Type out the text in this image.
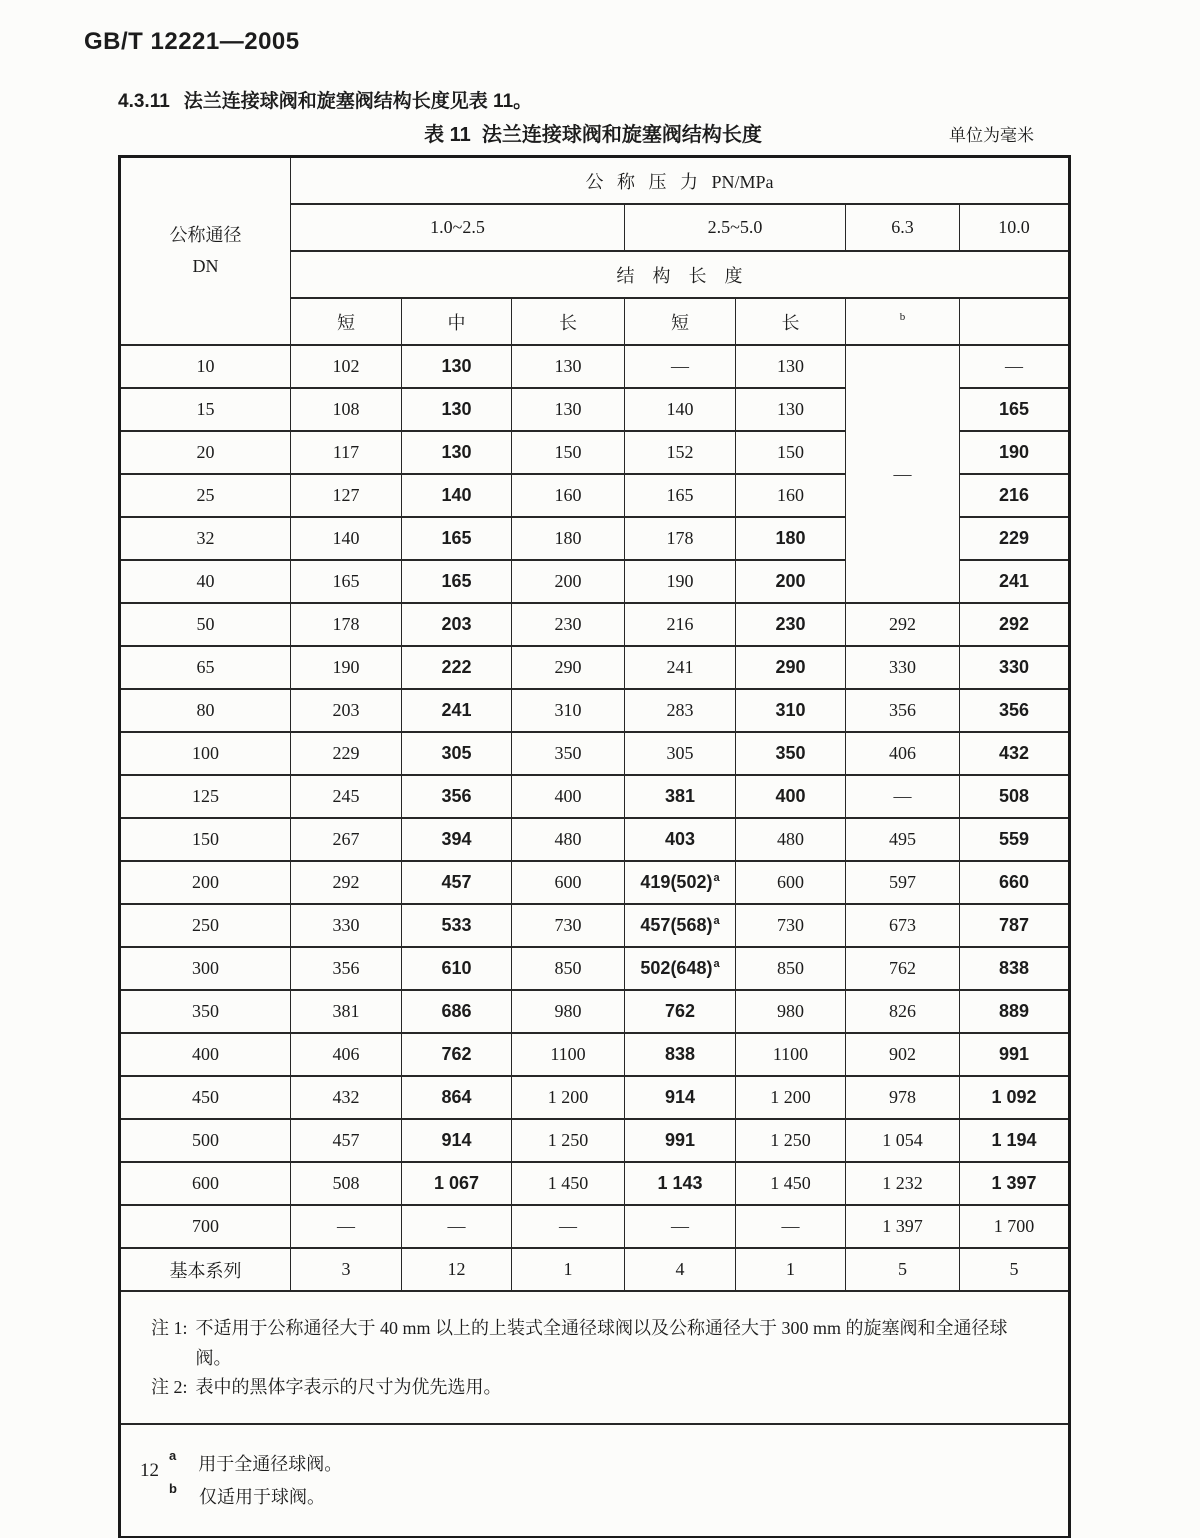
GB/T 12221—2005
4.3.11 法兰连接球阀和旋塞阀结构长度见表 11。
表 11  法兰连接球阀和旋塞阀结构长度	单位为毫米
公称通径
DN	公   称   压   力   PN/MPa						
	1.0~2.5			2.5~5.0		6.3	10.0
	结    构    长    度						
	短	中	长	短	长	$^b$	
10	102	130	130	—	130	—	—
15	108	130	130	140	130		165
20	117	130	150	152	150		190
25	127	140	160	165	160		216
32	140	165	180	178	180		229
40	165	165	200	190	200		241
50	178	203	230	216	230	292	292
65	190	222	290	241	290	330	330
80	203	241	310	283	310	356	356
100	229	305	350	305	350	406	432
125	245	356	400	381	400	—	508
150	267	394	480	403	480	495	559
200	292	457	600	$419(502)^a$	600	597	660
250	330	533	730	$457(568)^a$	730	673	787
300	356	610	850	$502(648)^a$	850	762	838
350	381	686	980	762	980	826	889
400	406	762	1100	838	1100	902	991
450	432	864	1 200	914	1 200	978	1 092
500	457	914	1 250	991	1 250	1 054	1 194
600	508	1 067	1 450	1 143	1 450	1 232	1 397
700	—	—	—	—	—	1 397	1 700
基本系列	3	12	1	4	1	5	5

注 1: 不适用于公称通径大于 40 mm 以上的上装式全通径球阀以及公称通径大于 300 mm 的旋塞阀和全通径球阀。
注 2: 表中的黑体字表示的尺寸为优先选用。							

a 用于全通径球阀。
b 仅适用于球阀。							
12
